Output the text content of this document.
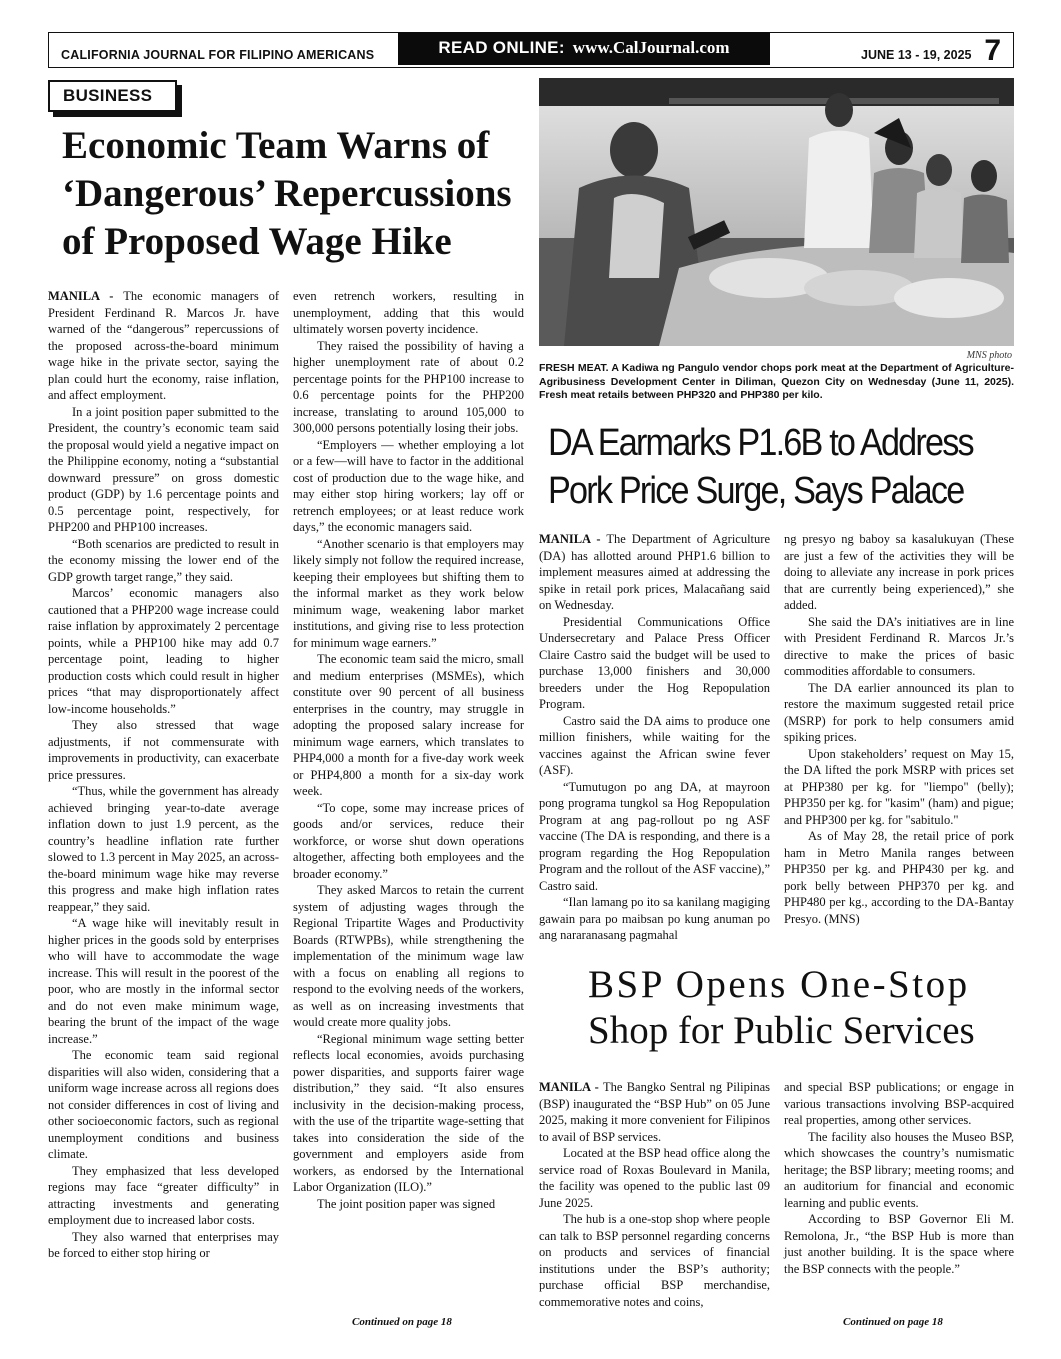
CALIFORNIA JOURNAL FOR FILIPINO AMERICANS	READ ONLINE: www.CalJournal.com	JUNE 13 - 19, 2025 7
BUSINESS
Economic Team Warns of ‘Dangerous’ Repercussions of Proposed Wage Hike

MANILA - The economic managers of President Ferdinand R. Marcos Jr. have warned of the “dangerous” repercussions of the proposed across-the-board minimum wage hike in the private sector, saying the plan could hurt the economy, raise inflation, and affect employment.

In a joint position paper submitted to the President, the country’s economic team said the proposal would yield a negative impact on the Philippine economy, noting a “substantial downward pressure” on gross domestic product (GDP) by 1.6 percentage points and 0.5 percentage point, respectively, for PHP200 and PHP100 increases.

“Both scenarios are predicted to result in the economy missing the lower end of the GDP growth target range,” they said.

Marcos’ economic managers also cautioned that a PHP200 wage increase could raise inflation by approximately 2 percentage points, while a PHP100 hike may add 0.7 percentage point, leading to higher production costs which could result in higher prices “that may disproportionately affect low-income households.”

They also stressed that wage adjustments, if not commensurate with improvements in productivity, can exacerbate price pressures.

“Thus, while the government has already achieved bringing year-to-date average inflation down to just 1.9 percent, as the country’s headline inflation rate further slowed to 1.3 percent in May 2025, an across-the-board minimum wage hike may reverse this progress and make high inflation rates reappear,” they said.

“A wage hike will inevitably result in higher prices in the goods sold by enterprises who will have to accommodate the wage increase. This will result in the poorest of the poor, who are mostly in the informal sector and do not even make minimum wage, bearing the brunt of the impact of the wage increase.”

The economic team said regional disparities will also widen, considering that a uniform wage increase across all regions does not consider differences in cost of living and other socioeconomic factors, such as regional unemployment conditions and business climate.

They emphasized that less developed regions may face “greater difficulty” in attracting investments and generating employment due to increased labor costs.

They also warned that enterprises may be forced to either stop hiring or

even retrench workers, resulting in unemployment, adding that this would ultimately worsen poverty incidence.

They raised the possibility of having a higher unemployment rate of about 0.2 percentage points for the PHP100 increase to 0.6 percentage points for the PHP200 increase, translating to around 105,000 to 300,000 persons potentially losing their jobs.

“Employers — whether employing a lot or a few—will have to factor in the additional cost of production due to the wage hike, and may either stop hiring workers; lay off or retrench employees; or at least reduce work days,” the economic managers said.

“Another scenario is that employers may likely simply not follow the required increase, keeping their employees but shifting them to the informal market as they work below minimum wage, weakening labor market institutions, and giving rise to less protection for minimum wage earners.”

The economic team said the micro, small and medium enterprises (MSMEs), which constitute over 90 percent of all business enterprises in the country, may struggle in adopting the proposed salary increase for minimum wage earners, which translates to PHP4,000 a month for a five-day work week or PHP4,800 a month for a six-day work week.

“To cope, some may increase prices of goods and/or services, reduce their workforce, or worse shut down operations altogether, affecting both employees and the broader economy.”

They asked Marcos to retain the current system of adjusting wages through the Regional Tripartite Wages and Productivity Boards (RTWPBs), while strengthening the implementation of the minimum wage law with a focus on enabling all regions to respond to the evolving needs of the workers, as well as on increasing investments that would create more quality jobs.

“Regional minimum wage setting better reflects local economies, avoids purchasing power disparities, and supports fairer wage distribution,” they said. “It also ensures inclusivity in the decision-making process, with the use of the tripartite wage-setting that takes into consideration the side of the government and employers aside from workers, as endorsed by the International Labor Organization (ILO).”

The joint position paper was signed

Continued on page 18
MNS photo
FRESH MEAT. A Kadiwa ng Pangulo vendor chops pork meat at the Department of Agriculture-Agribusiness Development Center in Diliman, Quezon City on Wednesday (June 11, 2025). Fresh meat retails between PHP320 and PHP380 per kilo.
DA Earmarks P1.6B to Address Pork Price Surge, Says Palace

MANILA - The Department of Agriculture (DA) has allotted around PHP1.6 billion to implement measures aimed at addressing the spike in retail pork prices, Malacañang said on Wednesday.

Presidential Communications Office Undersecretary and Palace Press Officer Claire Castro said the budget will be used to purchase 13,000 finishers and 30,000 breeders under the Hog Repopulation Program.

Castro said the DA aims to produce one million finishers, while waiting for the vaccines against the African swine fever (ASF).

“Tumutugon po ang DA, at mayroon pong programa tungkol sa Hog Repopulation Program at ang pag-rollout po ng ASF vaccine (The DA is responding, and there is a program regarding the Hog Repopulation Program and the rollout of the ASF vaccine),” Castro said.

“Ilan lamang po ito sa kanilang magiging gawain para po maibsan po kung anuman po ang nararanasang pagmahal

ng presyo ng baboy sa kasalukuyan (These are just a few of the activities they will be doing to alleviate any increase in pork prices that are currently being experienced),” she added.

She said the DA’s initiatives are in line with President Ferdinand R. Marcos Jr.’s directive to make the prices of basic commodities affordable to consumers.

The DA earlier announced its plan to restore the maximum suggested retail price (MSRP) for pork to help consumers amid spiking prices.

Upon stakeholders’ request on May 15, the DA lifted the pork MSRP with prices set at PHP380 per kg. for "liempo" (belly); PHP350 per kg. for "kasim" (ham) and pigue; and PHP300 per kg. for "sabitulo."

As of May 28, the retail price of pork ham in Metro Manila ranges between PHP350 per kg. and PHP430 per kg. and pork belly between PHP370 per kg. and PHP480 per kg., according to the DA-Bantay Presyo. (MNS)

BSP Opens One-Stop
Shop for Public Services

MANILA - The Bangko Sentral ng Pilipinas (BSP) inaugurated the “BSP Hub” on 05 June 2025, making it more convenient for Filipinos to avail of BSP services.

Located at the BSP head office along the service road of Roxas Boulevard in Manila, the facility was opened to the public last 09 June 2025.

The hub is a one-stop shop where people can talk to BSP personnel regarding concerns on products and services of financial institutions under the BSP’s authority; purchase official BSP merchandise, commemorative notes and coins,

and special BSP publications; or engage in various transactions involving BSP-acquired real properties, among other services.

The facility also houses the Museo BSP, which showcases the country’s numismatic heritage; the BSP library; meeting rooms; and an auditorium for financial and economic learning and public events.

According to BSP Governor Eli M. Remolona, Jr., “the BSP Hub is more than just another building. It is the space where the BSP connects with the people.”

Continued on page 18
